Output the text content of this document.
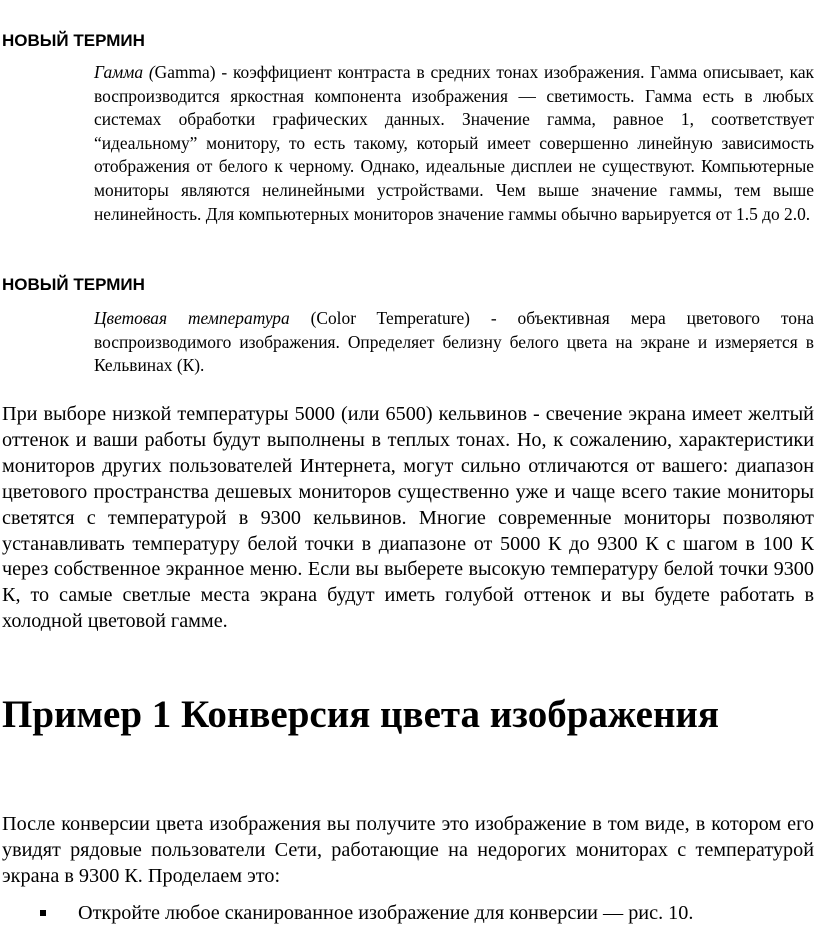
НОВЫЙ ТЕРМИН

Гамма (Gamma) - коэффициент контраста в средних тонах изображения. Гамма описывает, как воспроизводится яркостная компонента изображения — светимость. Гамма есть в любых системах обработки графических данных. Значение гамма, равное 1, соответствует “идеальному” монитору, то есть такому, который имеет совершенно линейную зависимость отображения от белого к черному. Однако, идеальные дисплеи не существуют. Компьютерные мониторы являются нелинейными устройствами. Чем выше значение гаммы, тем выше нелинейность. Для компьютерных мониторов значение гаммы обычно варьируется от 1.5 до 2.0.

НОВЫЙ ТЕРМИН

Цветовая температура (Color Temperature) - объективная мера цветового тона воспроизводимого изображения. Определяет белизну белого цвета на экране и измеряется в Кельвинах (К).

При выборе низкой температуры 5000 (или 6500) кельвинов - свечение экрана имеет желтый оттенок и ваши работы будут выполнены в теплых тонах. Но, к сожалению, характеристики мониторов других пользователей Интернета, могут сильно отличаются от вашего: диапазон цветового пространства дешевых мониторов существенно уже и чаще всего такие мониторы светятся с температурой в 9300 кельвинов. Многие современные мониторы позволяют устанавливать температуру белой точки в диапазоне от 5000 К до 9300 К с шагом в 100 К через собственное экранное меню. Если вы выберете высокую температуру белой точки 9300 К, то самые светлые места экрана будут иметь голубой оттенок и вы будете работать в холодной цветовой гамме.

Пример 1 Конверсия цвета изображения

После конверсии цвета изображения вы получите это изображение в том виде, в котором его увидят рядовые пользователи Сети, работающие на недорогих мониторах с температурой экрана в 9300 К. Проделаем это:

Откройте любое сканированное изображение для конверсии — рис. 10.
